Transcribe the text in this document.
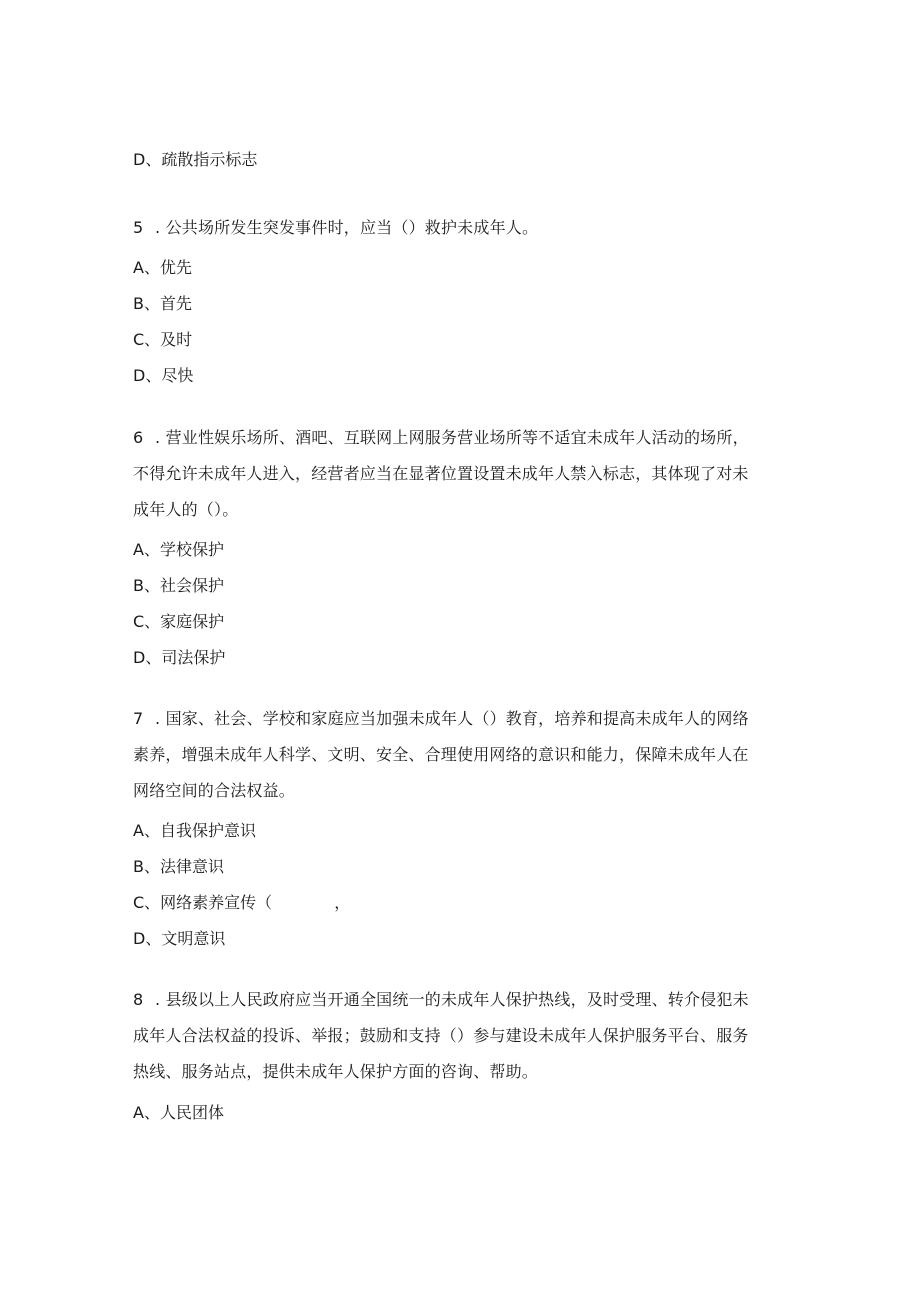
D、疏散指示标志
5 . 公共场所发生突发事件时，应当（）救护未成年人。
A、优先
B、首先
C、及时
D、尽快
6 . 营业性娱乐场所、酒吧、互联网上网服务营业场所等不适宜未成年人活动的场所，
不得允许未成年人进入，经营者应当在显著位置设置未成年人禁入标志，其体现了对未
成年人的（）。
A、学校保护
B、社会保护
C、家庭保护
D、司法保护
7 . 国家、社会、学校和家庭应当加强未成年人（）教育，培养和提高未成年人的网络
素养，增强未成年人科学、文明、安全、合理使用网络的意识和能力，保障未成年人在
网络空间的合法权益。
A、自我保护意识
B、法律意识
C、网络素养宣传（	，
D、文明意识
8 . 县级以上人民政府应当开通全国统一的未成年人保护热线，及时受理、转介侵犯未
成年人合法权益的投诉、举报；鼓励和支持（）参与建设未成年人保护服务平台、服务
热线、服务站点，提供未成年人保护方面的咨询、帮助。
A、人民团体
